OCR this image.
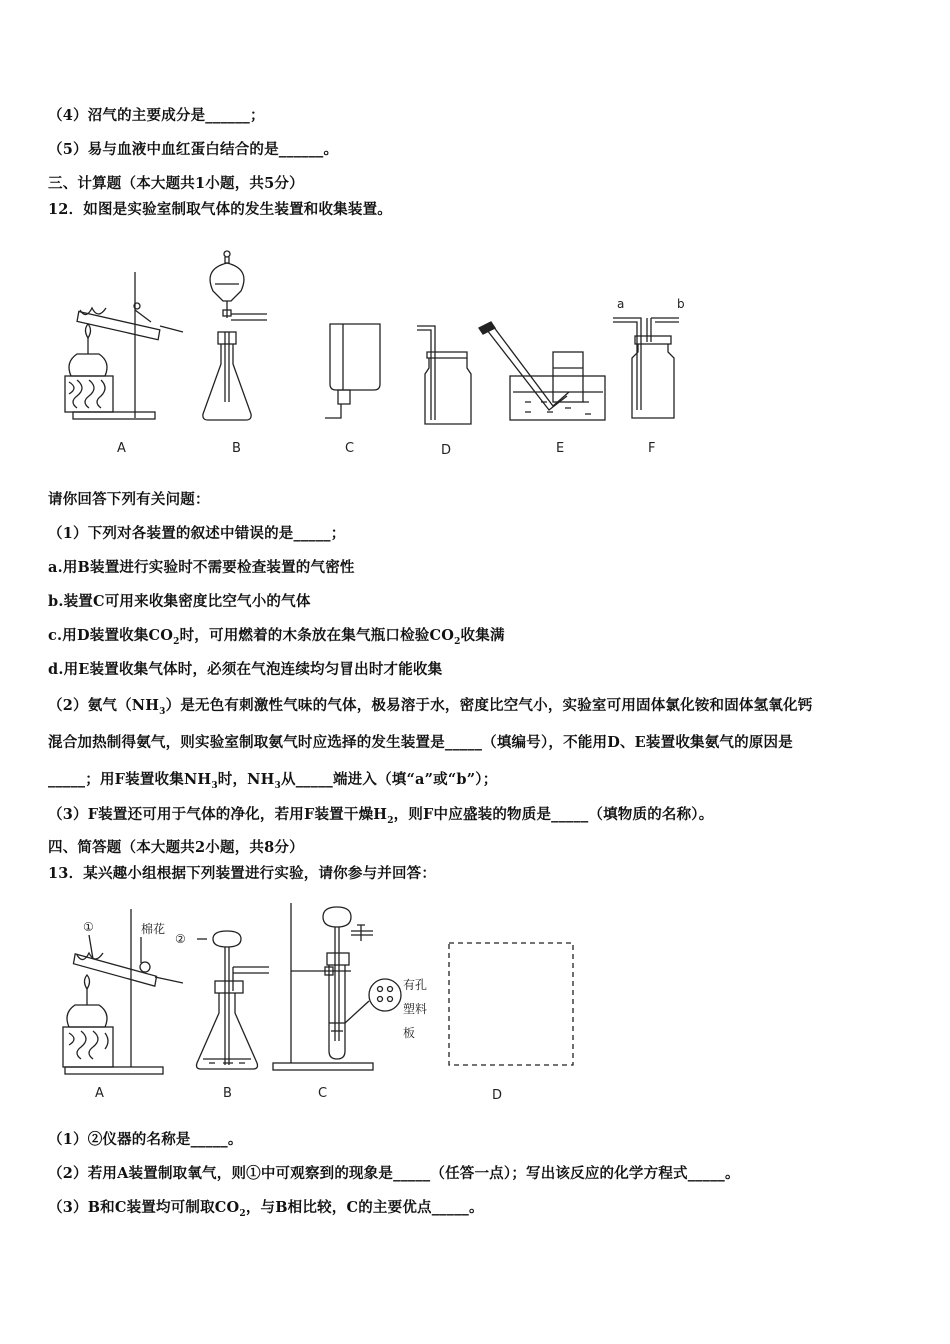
（4）沼气的主要成分是______；
（5）易与血液中血红蛋白结合的是______。
三、计算题（本大题共1小题，共5分）
12．如图是实验室制取气体的发生装置和收集装置。
A	B	C	D	E
a	b
F
请你回答下列有关问题：
（1）下列对各装置的叙述中错误的是_____；
a.用B装置进行实验时不需要检查装置的气密性
b.装置C可用来收集密度比空气小的气体
c.用D装置收集$CO_2$时，可用燃着的木条放在集气瓶口检验$CO_2$收集满
d.用E装置收集气体时，必须在气泡连续均匀冒出时才能收集
（2）氨气$(NH_3)$是无色有刺激性气味的气体，极易溶于水，密度比空气小，实验室可用固体氯化铵和固体氢氧化钙
混合加热制得氨气，则实验室制取氨气时应选择的发生装置是_____（填编号），不能用D、E装置收集氨气的原因是
_____；用F装置收集$NH_3$时，$NH_3$从_____端进入（填“a”或“b”）；
（3）F装置还可用于气体的净化，若用F装置干燥$H_2$，则F中应盛装的物质是_____（填物质的名称）。
四、简答题（本大题共2小题，共8分）
13．某兴趣小组根据下列装置进行实验，请你参与并回答：
①	棉花
A
②
B
有孔
塑料
板
C	D
（1）②仪器的名称是_____。
（2）若用A装置制取氧气，则①中可观察到的现象是_____（任答一点）；写出该反应的化学方程式_____。
（3）B和C装置均可制取$CO_2$，与B相比较，C的主要优点_____。
